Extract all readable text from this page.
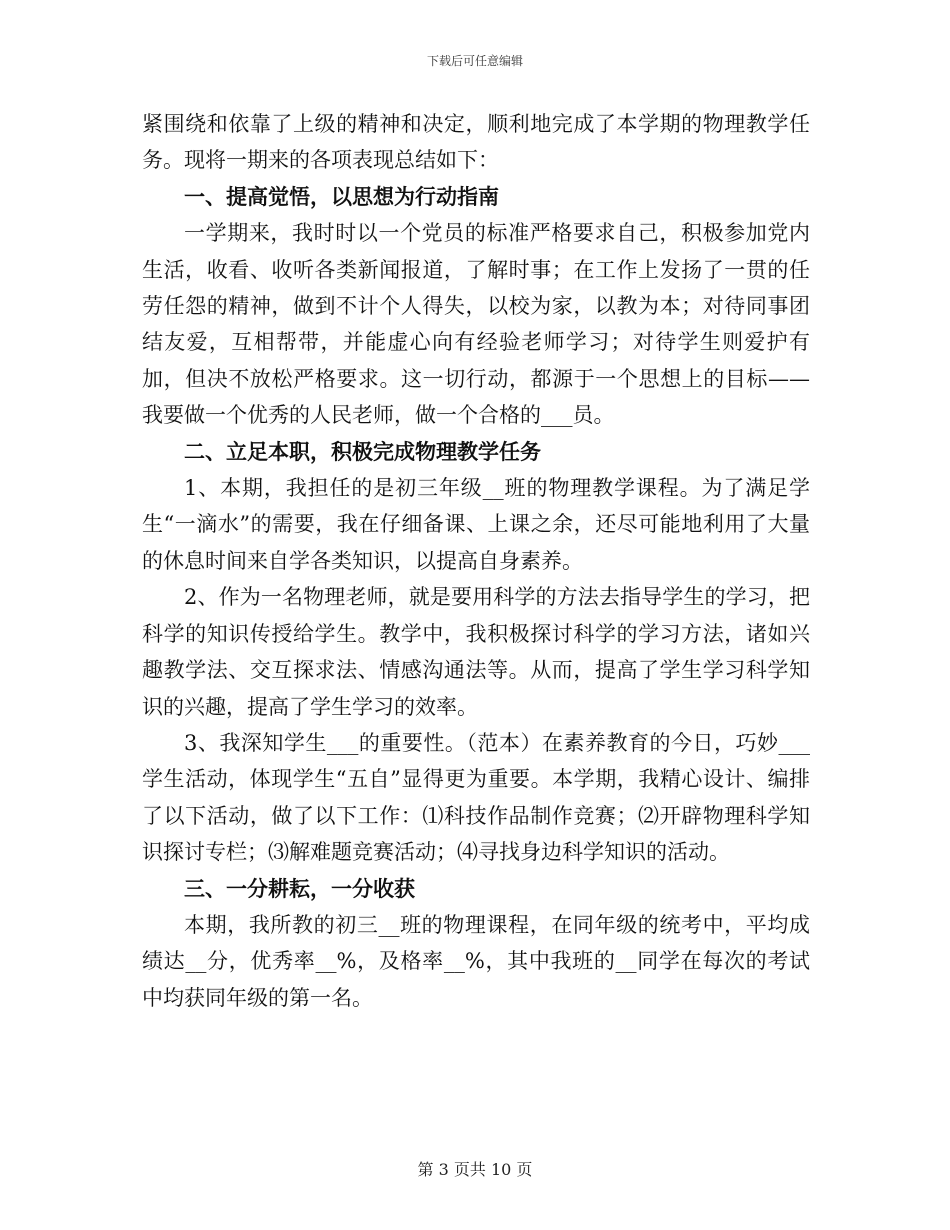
下载后可任意编辑

紧围绕和依靠了上级的精神和决定，顺利地完成了本学期的物理教学任务。现将一期来的各项表现总结如下：

一、提高觉悟，以思想为行动指南

一学期来，我时时以一个党员的标准严格要求自己，积极参加党内生活，收看、收听各类新闻报道，了解时事；在工作上发扬了一贯的任劳任怨的精神，做到不计个人得失，以校为家，以教为本；对待同事团结友爱，互相帮带，并能虚心向有经验老师学习；对待学生则爱护有加，但决不放松严格要求。这一切行动，都源于一个思想上的目标——我要做一个优秀的人民老师，做一个合格的___员。

二、立足本职，积极完成物理教学任务

1、本期，我担任的是初三年级__班的物理教学课程。为了满足学生“一滴水”的需要，我在仔细备课、上课之余，还尽可能地利用了大量的休息时间来自学各类知识，以提高自身素养。

2、作为一名物理老师，就是要用科学的方法去指导学生的学习，把科学的知识传授给学生。教学中，我积极探讨科学的学习方法，诸如兴趣教学法、交互探求法、情感沟通法等。从而，提高了学生学习科学知识的兴趣，提高了学生学习的效率。

3、我深知学生___的重要性。（范本）在素养教育的今日，巧妙___学生活动，体现学生“五自”显得更为重要。本学期，我精心设计、编排了以下活动，做了以下工作：⑴科技作品制作竞赛；⑵开辟物理科学知识探讨专栏；⑶解难题竞赛活动；⑷寻找身边科学知识的活动。

三、一分耕耘，一分收获

本期，我所教的初三__班的物理课程，在同年级的统考中，平均成绩达__分，优秀率__%，及格率__%，其中我班的__同学在每次的考试中均获同年级的第一名。

第 3 页共 10 页
